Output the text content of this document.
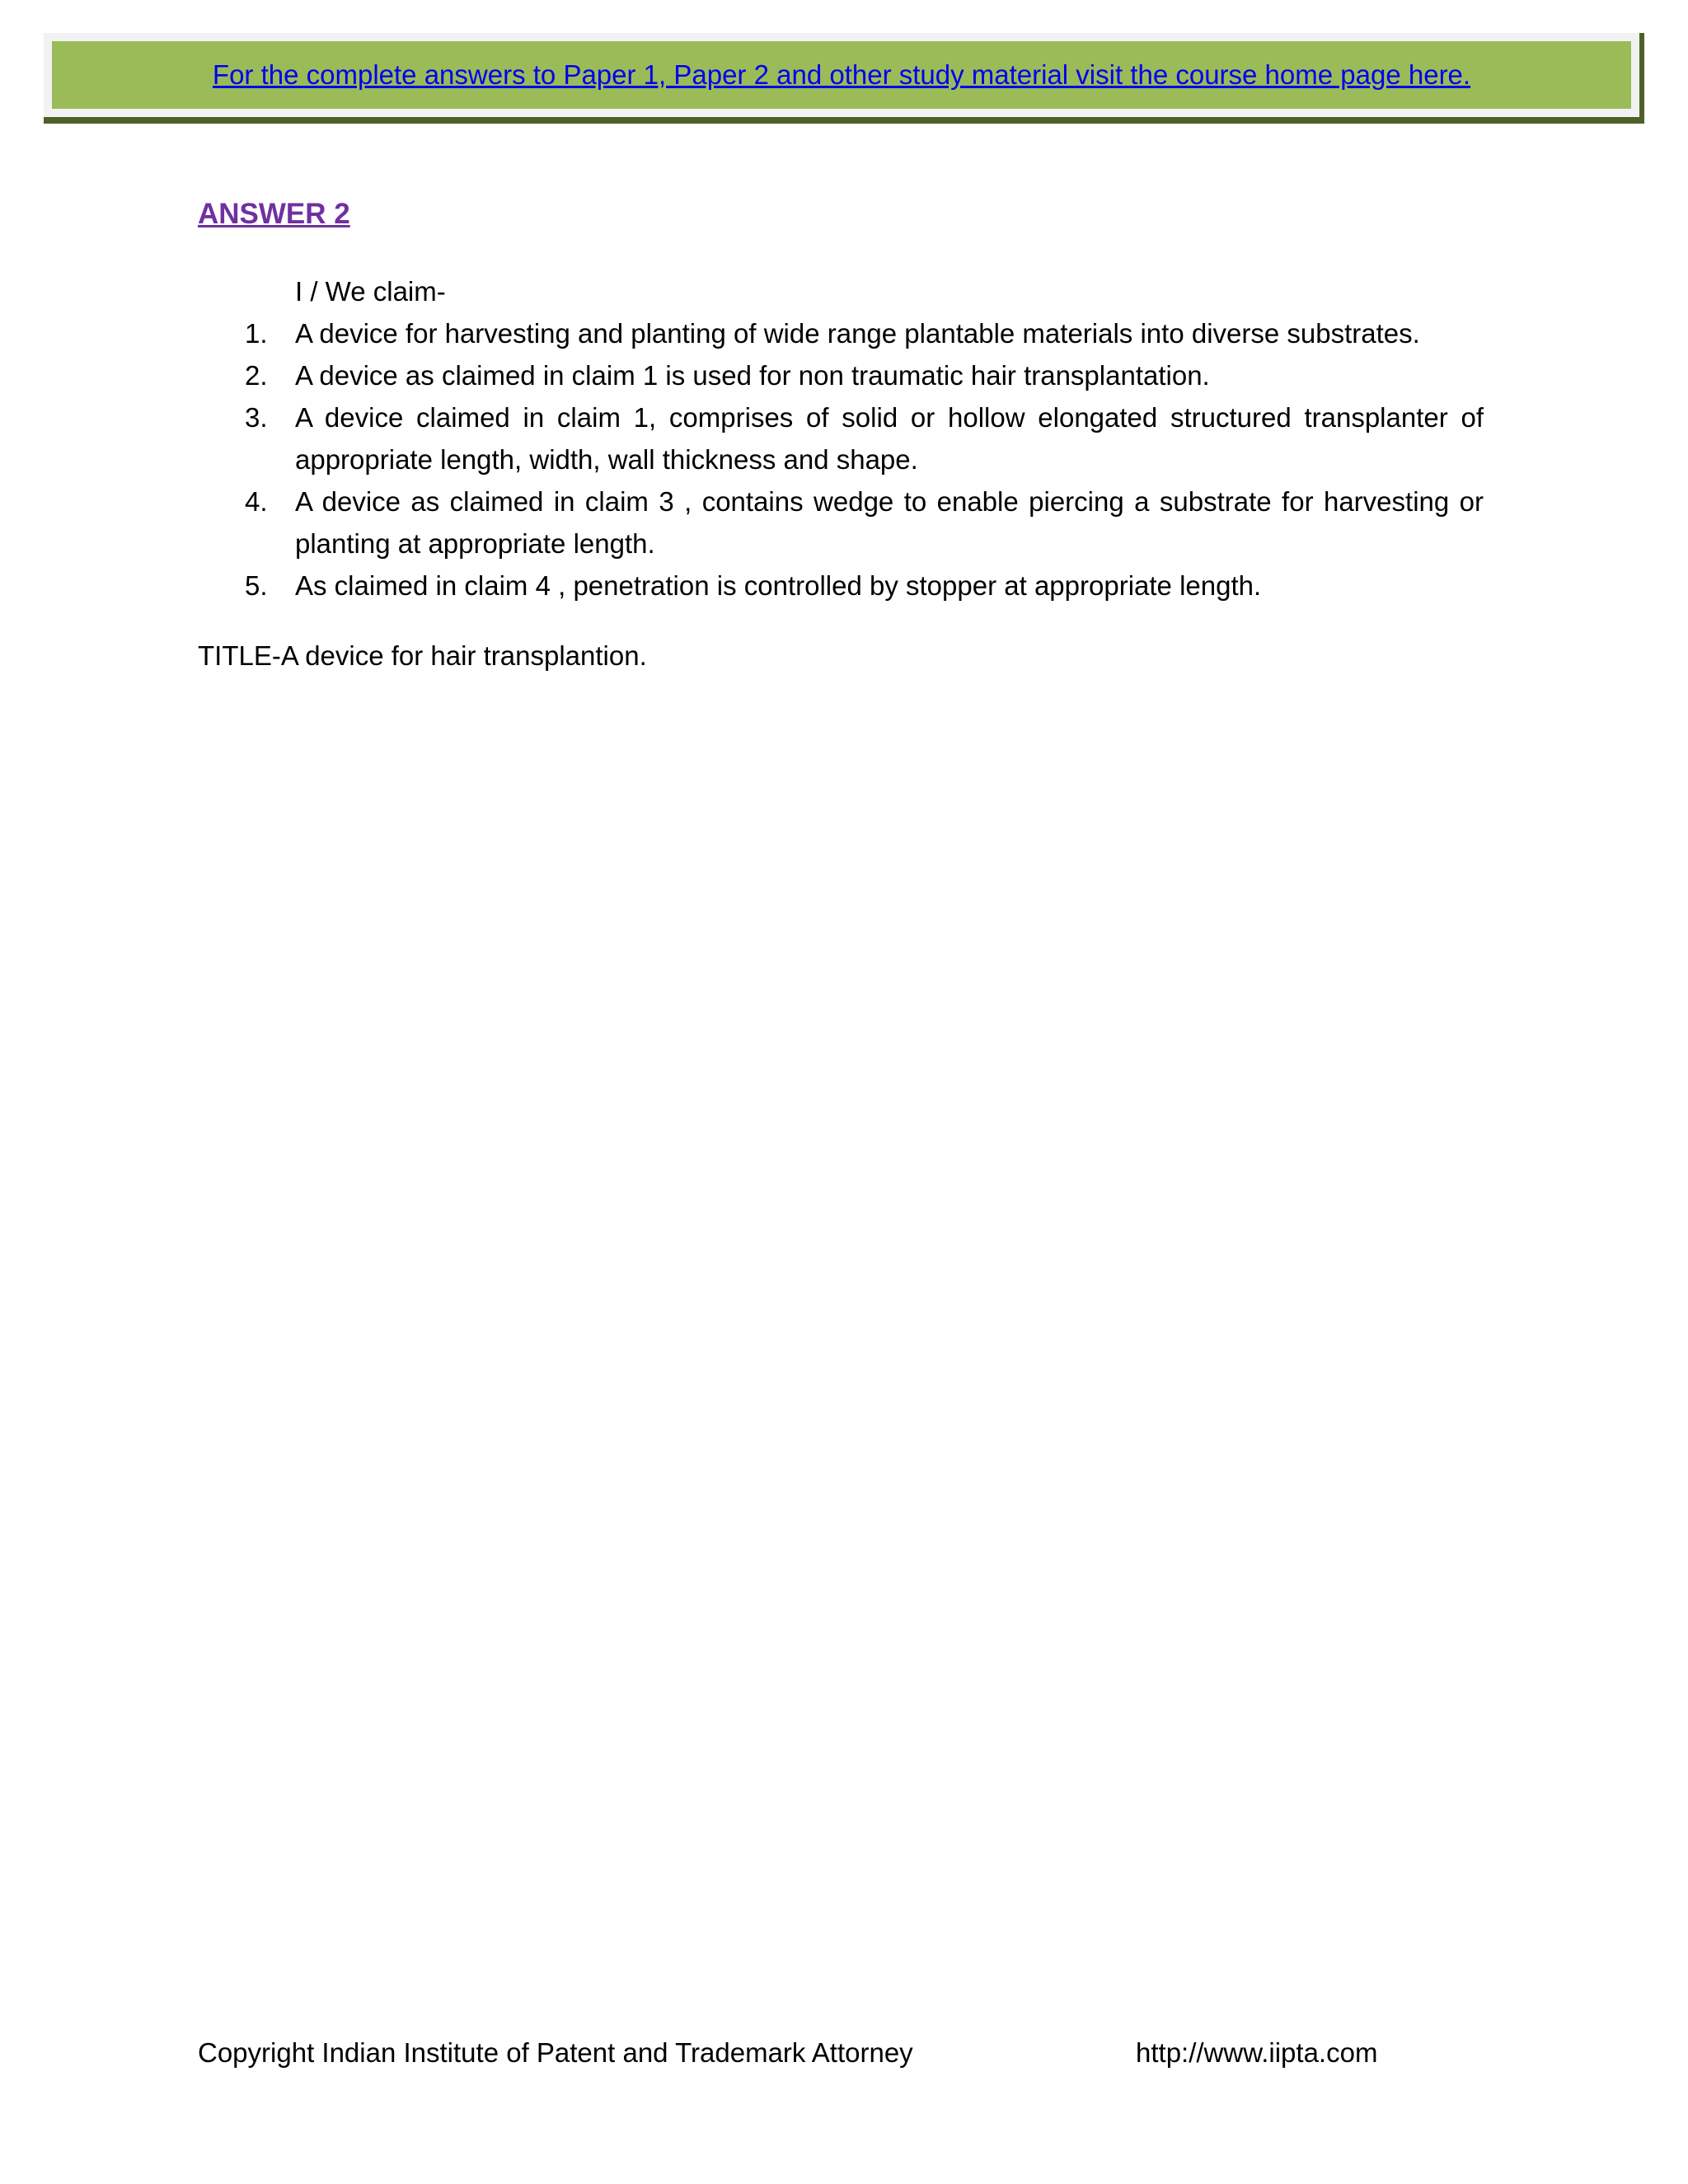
For the complete answers to Paper 1, Paper 2 and other study material visit the course home page here.
ANSWER 2
I / We claim-
1.	A device for harvesting and planting of wide range plantable materials into diverse substrates.
2.	A device as claimed in claim 1 is used for non traumatic hair transplantation.
3.	A device claimed in claim 1, comprises of solid or hollow elongated structured transplanter of appropriate length, width, wall thickness and shape.
4.	A device as claimed in claim 3 , contains wedge to enable piercing a substrate for harvesting or planting at appropriate length.
5.	As claimed in claim 4 , penetration is controlled by stopper at appropriate length.
TITLE-A device for hair transplantion.
Copyright Indian Institute of Patent and Trademark Attorney	http://www.iipta.com
